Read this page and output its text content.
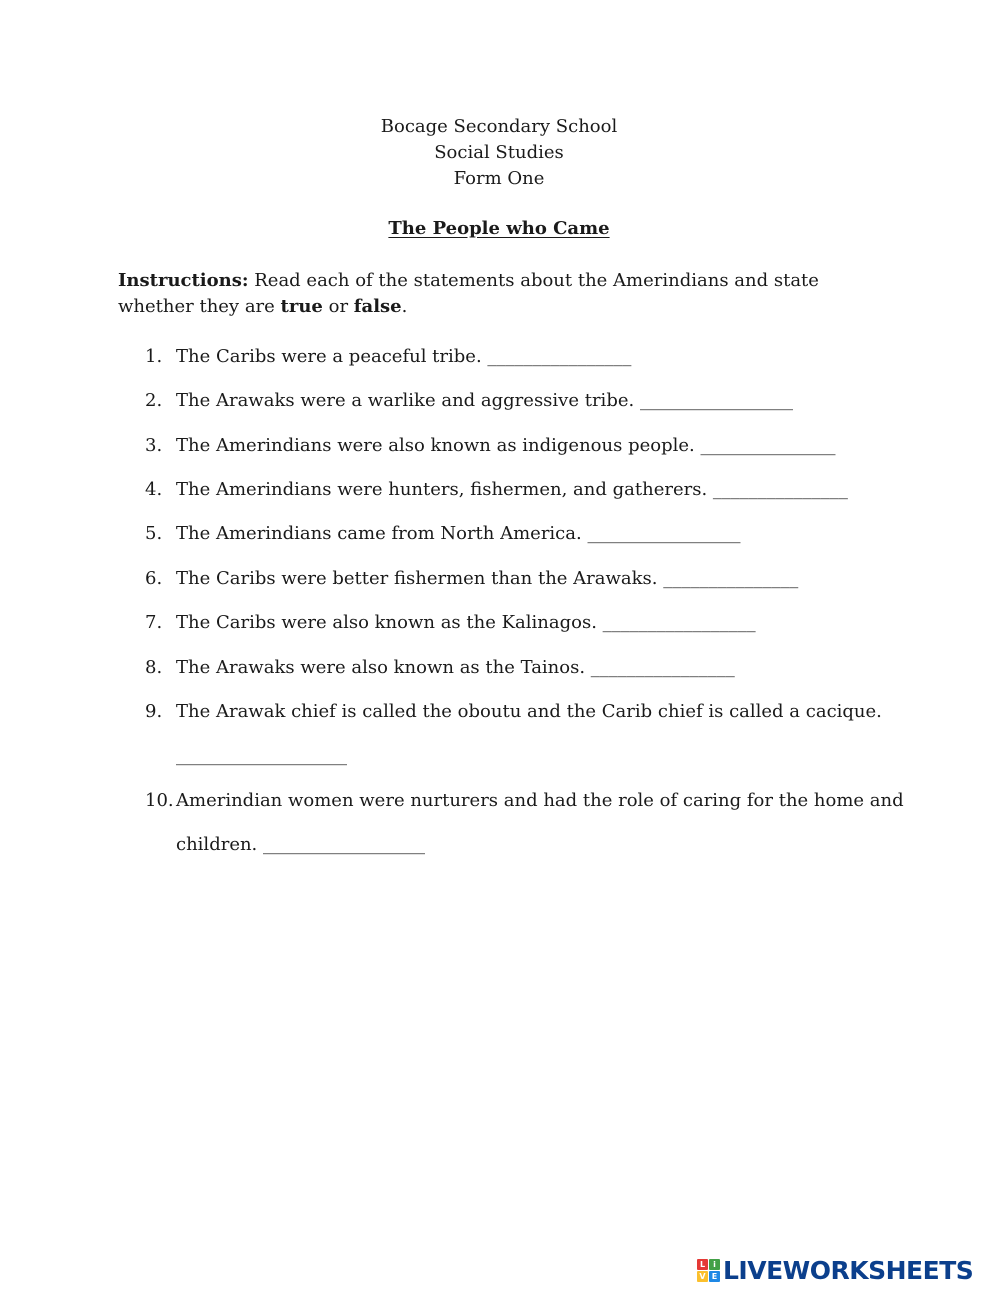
Bocage Secondary School
Social Studies
Form One
The People who Came
Instructions: Read each of the statements about the Amerindians and state whether they are true or false.
1. The Caribs were a peaceful tribe. ________________
2. The Arawaks were a warlike and aggressive tribe. _________________
3. The Amerindians were also known as indigenous people. _______________
4. The Amerindians were hunters, fishermen, and gatherers. _______________
5. The Amerindians came from North America. _________________
6. The Caribs were better fishermen than the Arawaks. _______________
7. The Caribs were also known as the Kalinagos. _________________
8. The Arawaks were also known as the Tainos. ________________
9. The Arawak chief is called the oboutu and the Carib chief is called a cacique.
___________________
10. Amerindian women were nurturers and had the role of caring for the home and
children. __________________
L	i
V E LIVEWORKSHEETS
